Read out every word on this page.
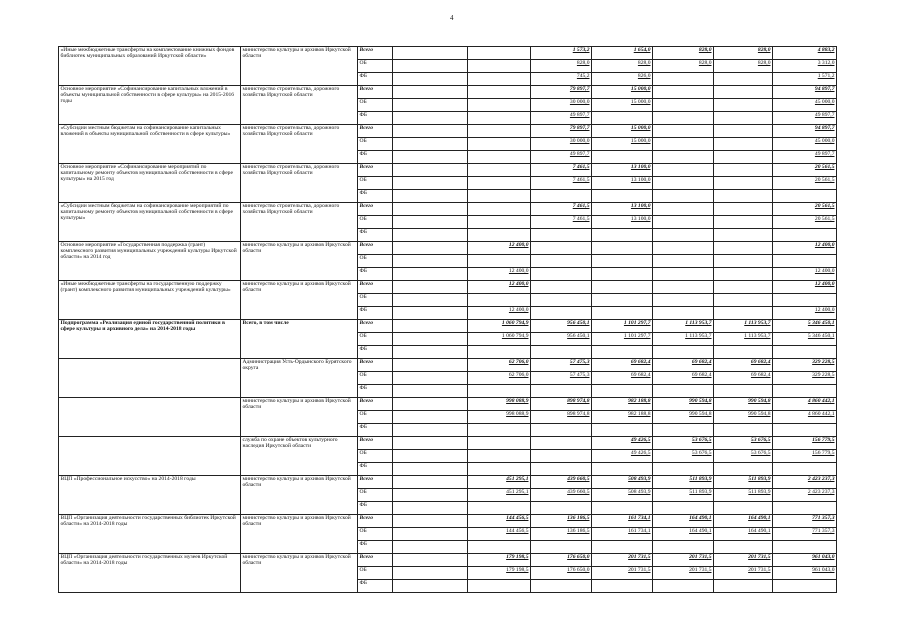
4
«Иные межбюджетные трансферты на комплектование книжных фондов библиотек муниципальных образований Иркутской области»	министерство культуры и архивов Иркутской области	Всего			1 573,2	1 654,0	828,0	828,0	4 883,2
		ОБ			828,0	828,0	828,0	828,0	3 312,0
		ФБ			745,2	826,0			1 571,2
Основное мероприятие «Софинансирование капитальных вложений в объекты муниципальной собственности в сфере культуры» на 2015-2016 годы	министерство строительства, дорожного хозяйства Иркутской области	Всего			79 897,7	15 000,0			94 897,7
		ОБ			30 000,0	15 000,0			45 000,0
		ФБ			49 897,7				49 897,7
«Субсидии местным бюджетам на софинансирование капитальных вложений в объекты муниципальной собственности в сфере культуры»	министерство строительства, дорожного хозяйства Иркутской области	Всего			79 897,7	15 000,0			94 897,7
		ОБ			30 000,0	15 000,0			45 000,0
		ФБ			49 897,7				49 897,7
Основное мероприятие «Софинансирование мероприятий по капитальному ремонту объектов муниципальной собственности в сфере культуры» на 2015 год	министерство строительства, дорожного хозяйства Иркутской области	Всего			7 461,5	13 100,0			20 561,5
		ОБ			7 461,5	13 100,0			20 561,5
		ФБ							
«Субсидии местным бюджетам на софинансирование мероприятий по капитальному ремонту объектов муниципальной собственности в сфере культуры»	министерство строительства, дорожного хозяйства Иркутской области	Всего			7 461,5	13 100,0			20 561,5
		ОБ			7 461,5	13 100,0			20 561,5
		ФБ							
Основное мероприятие «Государственная поддержка (грант) комплексного развития муниципальных учреждений культуры Иркутской области» на 2014 год	министерство культуры и архивов Иркутской области	Всего		12 400,0					12 400,0
		ОБ							
		ФБ		12 400,0					12 400,0
«Иные межбюджетные трансферты на государственную поддержку (грант) комплексного развития муниципальных учреждений культуры»	министерство культуры и архивов Иркутской области	Всего		12 400,0					12 400,0
		ОБ							
		ФБ		12 400,0					12 400,0
Подпрограмма «Реализация единой государственной политики в сфере культуры и архивного дела» на 2014-2018 годы	Всего, в том числе	Всего		1 060 794,9	956 450,1	1 101 297,7	1 113 953,7	1 113 953,7	5 346 450,1
		ОБ		1 060 794,9	956 450,1	1 101 297,7	1 113 953,7	1 113 953,7	5 346 450,1
		ФБ							
	Администрация Усть-Ордынского Бурятского округа	Всего		62 706,0	57 475,3	69 682,4	69 682,4	69 682,4	329 228,5
		ОБ		62 706,0	57 475,3	69 682,4	69 682,4	69 682,4	329 228,5
		ФБ							
	министерство культуры и архивов Иркутской области	Всего		998 088,9	898 974,8	982 188,8	990 594,8	990 594,8	4 860 442,1
		ОБ		998 088,9	898 974,8	982 188,8	990 594,8	990 594,8	4 860 442,1
		ФБ							
	служба по охране объектов культурного наследия Иркутской области	Всего				49 426,5	53 676,5	53 676,5	156 779,5
		ОБ				49 426,5	53 676,5	53 676,5	156 779,5
		ФБ							
ВЦП «Профессиональное искусство» на 2014-2018 годы	министерство культуры и архивов Иркутской области	Всего		451 295,1	439 660,5	508 493,9	511 893,9	511 893,9	2 423 237,3
		ОБ		451 295,1	439 660,5	508 493,9	511 893,9	511 893,9	2 423 237,3
		ФБ							
ВЦП «Организация деятельности государственных библиотек Иркутской области» на 2014-2018 годы	министерство культуры и архивов Иркутской области	Всего		144 456,5	136 186,5	161 734,1	164 490,1	164 490,1	771 357,3
		ОБ		144 456,5	136 186,5	161 734,1	164 490,1	164 490,1	771 357,3
		ФБ							
ВЦП «Организация деятельности государственных музеев Иркутской области» на 2014-2018 годы	министерство культуры и архивов Иркутской области	Всего		179 198,5	176 650,0	201 731,5	201 731,5	201 731,5	961 043,0
		ОБ		179 198,5	176 650,0	201 731,5	201 731,5	201 731,5	961 043,0
		ФБ							
